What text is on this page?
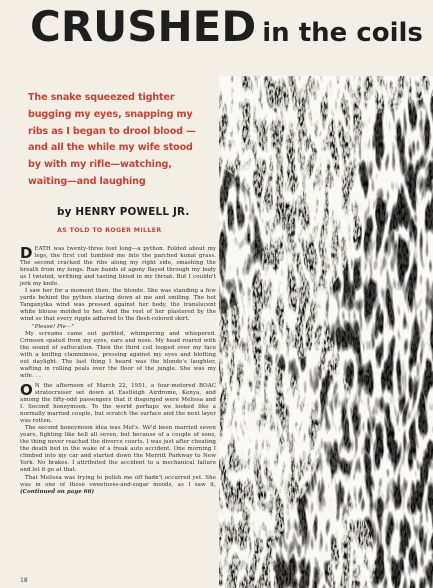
CRUSHED in the coils
The snake squeezed tighter bugging my eyes, snapping my ribs as I began to drool blood —and all the while my wife stood by with my rifle—watching, waiting—and laughing
by HENRY POWELL JR.
AS TOLD TO ROGER MILLER

DEATH was twenty-three feet long—a python. Folded about my legs, the first coil tumbled me into the parched kunai grass. The second cracked the ribs along my right side, smashing the breath from my lungs. Raw bands of agony flayed through my body as I twisted, writhing and tasting blood in my throat. But I couldn't jerk my knife.

I saw her for a moment then, the blonde. She was standing a few yards behind the python staring down at me and smiling. The hot Tanganyika wind was pressed against her body, the translucent white blouse molded to her. And the rest of her plastered by the wind so that every ripple adhered to the flesh-colored skirt.

"Please! Ple—"

My screams came out garbled, whimpering and whispered. Crimson spated from my eyes, ears and nose. My head roared with the sound of suffocation. Then the third coil looped over my face with a knifing clamminess, pressing against my eyes and blotting out daylight. The last thing I heard was the blonde's laughter, wafting in rolling peals over the floor of the jungle. She was my wife. . .

O N the afternoon of March 22, 1951, a four-motored BOAC stratocruiser set down at Eastleigh Airdrome, Kenya, and among the fifty-odd passengers that it disgorged were Melissa and I. Second honeymoon. To the world perhaps we looked like a normally married couple, but scratch the surface and the next layer was rotten.

The second honeymoon idea was Mel's. We'd been married seven years, fighting like hell all seven, but because of a couple of sons, the thing never reached the divorce courts. I was just after cheating the death bed in the wake of a freak auto accident. One morning I climbed into my car and started down the Merritt Parkway to New York. No brakes. I attributed the accident to a mechanical failure and let it go at that.

That Melissa was trying to polish me off hadn't occurred yet. She was in one of those sweetness-and-sugar moods, as I saw it, (Continued on page 66)

18
